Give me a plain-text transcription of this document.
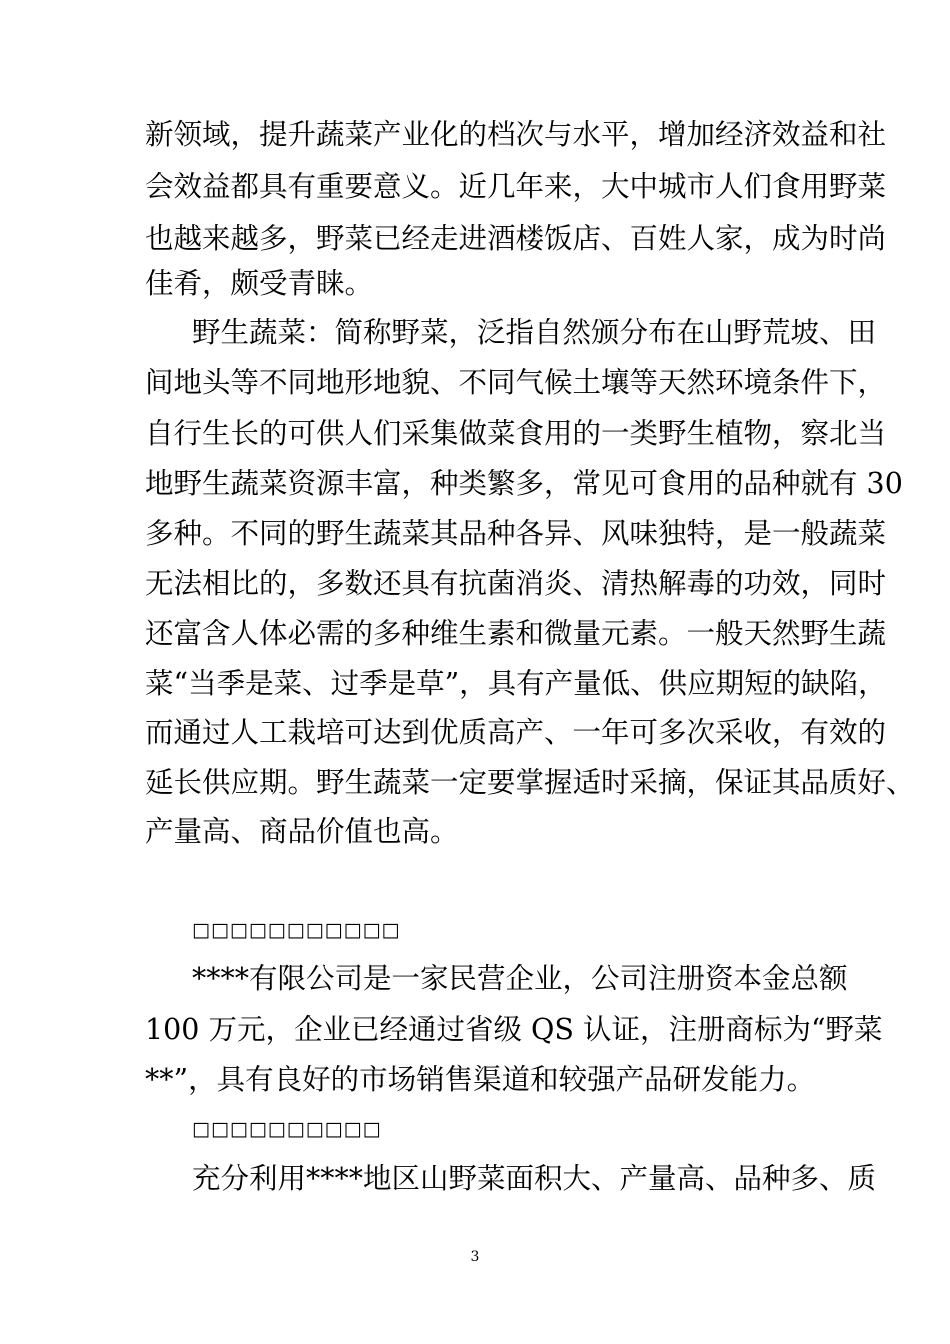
新领域，提升蔬菜产业化的档次与水平，增加经济效益和社
会效益都具有重要意义。近几年来，大中城市人们食用野菜
也越来越多，野菜已经走进酒楼饭店、百姓人家，成为时尚
佳肴，颇受青睐。
野生蔬菜：简称野菜，泛指自然颁分布在山野荒坡、田
间地头等不同地形地貌、不同气候土壤等天然环境条件下，
自行生长的可供人们采集做菜食用的一类野生植物，察北当
地野生蔬菜资源丰富，种类繁多，常见可食用的品种就有 30
多种。不同的野生蔬菜其品种各异、风味独特，是一般蔬菜
无法相比的，多数还具有抗菌消炎、清热解毒的功效，同时
还富含人体必需的多种维生素和微量元素。一般天然野生蔬
菜“当季是菜、过季是草”，具有产量低、供应期短的缺陷，
而通过人工栽培可达到优质高产、一年可多次采收，有效的
延长供应期。野生蔬菜一定要掌握适时采摘，保证其品质好、
产量高、商品价值也高。
□□□□□□□□□□□
****有限公司是一家民营企业，公司注册资本金总额
100 万元，企业已经通过省级 QS 认证，注册商标为“野菜
**”，具有良好的市场销售渠道和较强产品研发能力。
□□□□□□□□□□
充分利用****地区山野菜面积大、产量高、品种多、质
3
